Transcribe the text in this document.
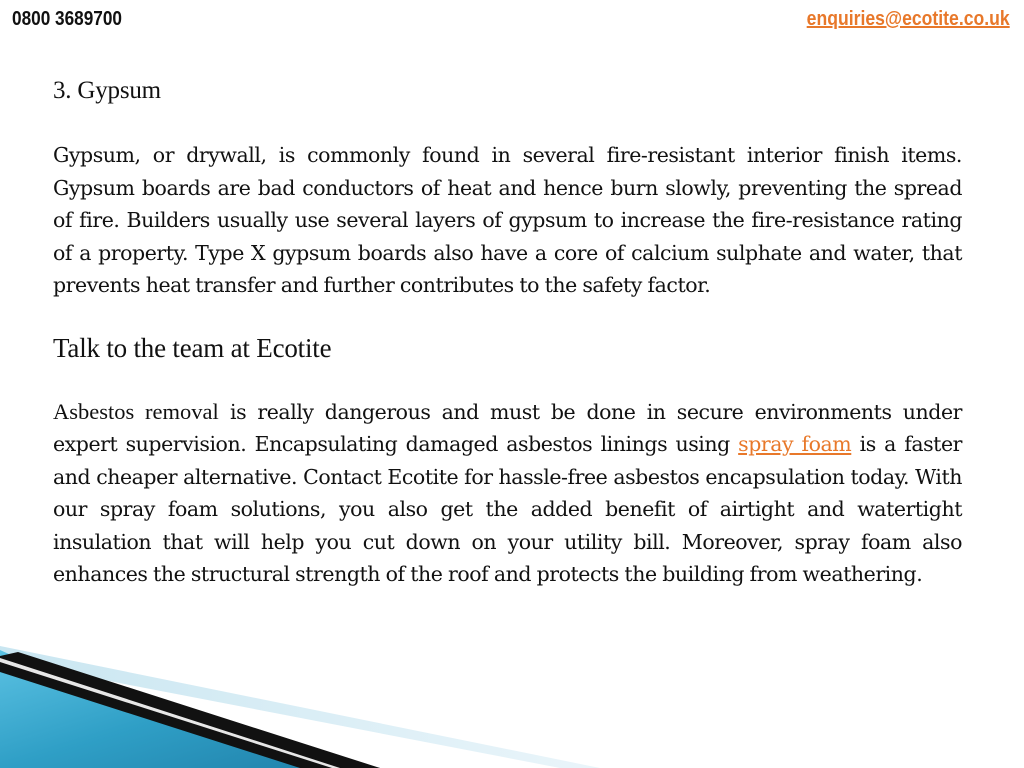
0800 3689700	enquiries@ecotite.co.uk
3. Gypsum

Gypsum, or drywall, is commonly found in several fire-resistant interior finish items. Gypsum boards are bad conductors of heat and hence burn slowly, preventing the spread of fire. Builders usually use several layers of gypsum to increase the fire-resistance rating of a property. Type X gypsum boards also have a core of calcium sulphate and water, that prevents heat transfer and further contributes to the safety factor.

Talk to the team at Ecotite

Asbestos removal is really dangerous and must be done in secure environments under expert supervision. Encapsulating damaged asbestos linings using spray foam is a faster and cheaper alternative. Contact Ecotite for hassle-free asbestos encapsulation today. With our spray foam solutions, you also get the added benefit of airtight and watertight insulation that will help you cut down on your utility bill. Moreover, spray foam also enhances the structural strength of the roof and protects the building from weathering.
